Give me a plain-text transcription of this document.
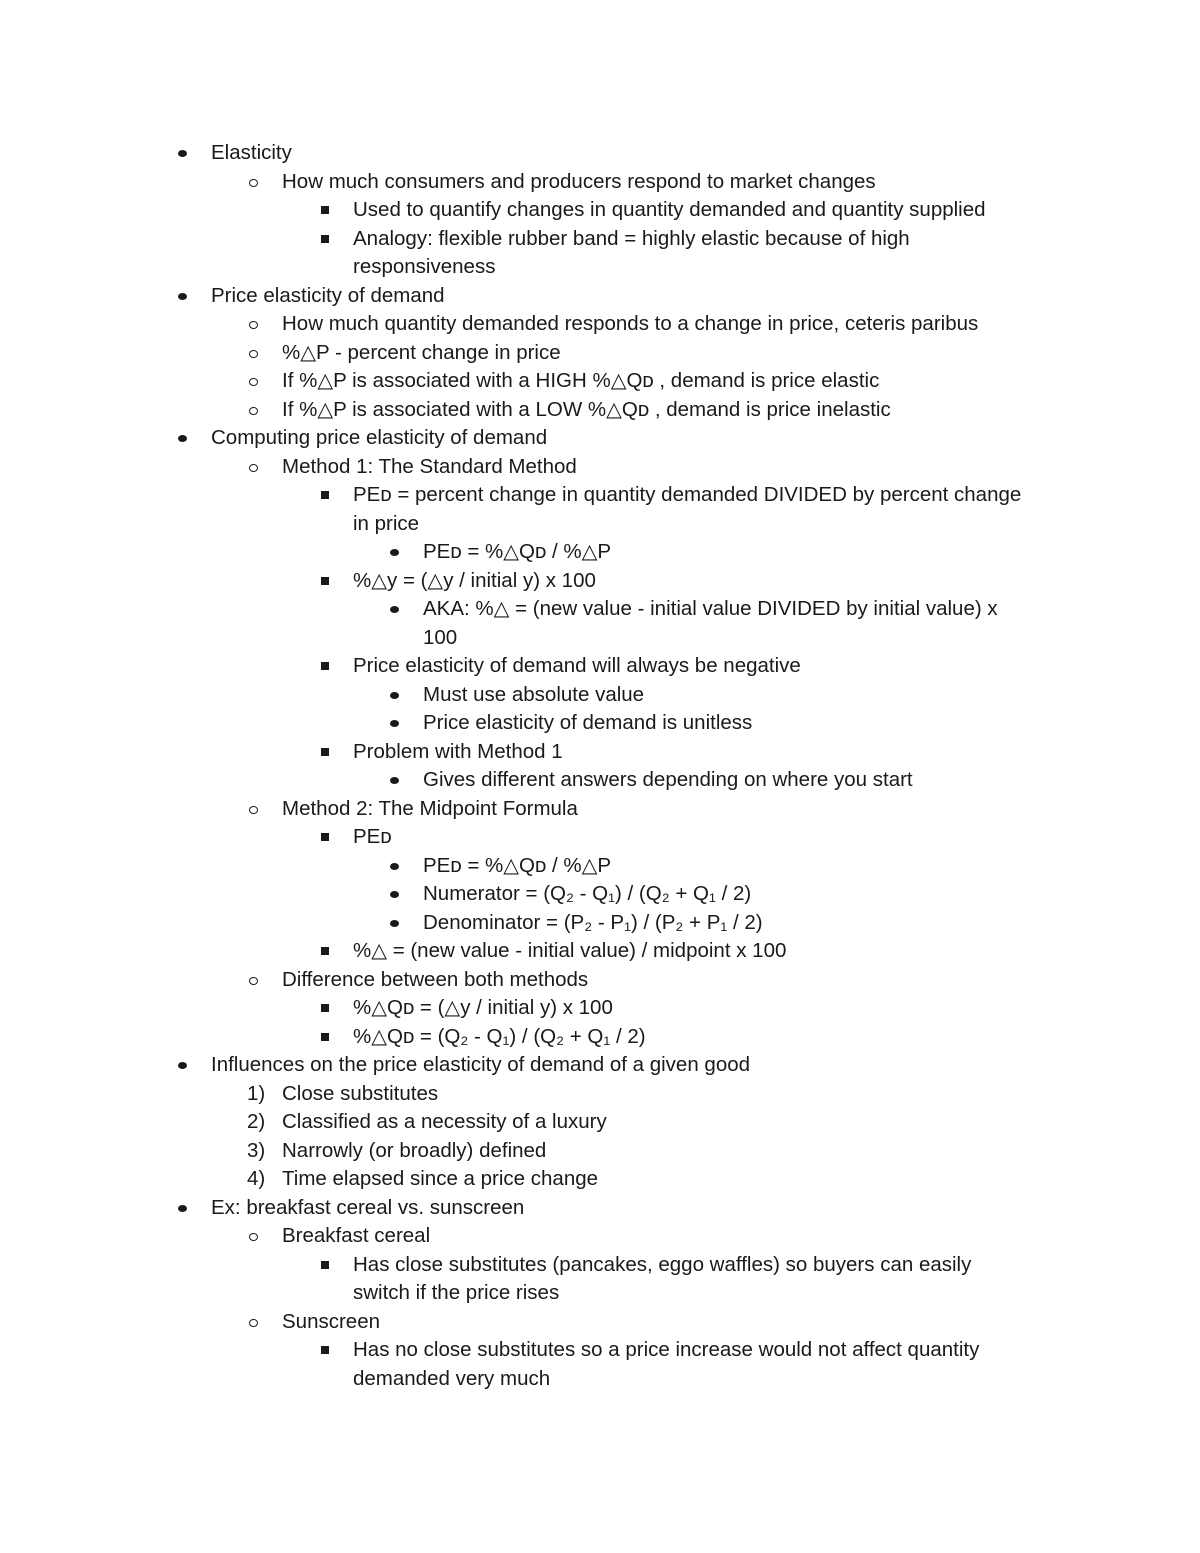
Elasticity
How much consumers and producers respond to market changes
Used to quantify changes in quantity demanded and quantity supplied
Analogy: flexible rubber band = highly elastic because of high
responsiveness
Price elasticity of demand
How much quantity demanded responds to a change in price, ceteris paribus
%△P - percent change in price
If %△P is associated with a HIGH %△Qᴅ , demand is price elastic
If %△P is associated with a LOW %△Qᴅ , demand is price inelastic
Computing price elasticity of demand
Method 1: The Standard Method
PEᴅ = percent change in quantity demanded DIVIDED by percent change
in price
PEᴅ = %△Qᴅ / %△P
%△y = (△y / initial y) x 100
AKA: %△ = (new value - initial value DIVIDED by initial value) x
100
Price elasticity of demand will always be negative
Must use absolute value
Price elasticity of demand is unitless
Problem with Method 1
Gives different answers depending on where you start
Method 2: The Midpoint Formula
PEᴅ
PEᴅ = %△Qᴅ / %△P
Numerator = (Q₂ - Q₁) / (Q₂ + Q₁ / 2)
Denominator = (P₂ - P₁) / (P₂ + P₁ / 2)
%△ = (new value - initial value) / midpoint x 100
Difference between both methods
%△Qᴅ = (△y / initial y) x 100
%△Qᴅ = (Q₂ - Q₁) / (Q₂ + Q₁ / 2)
Influences on the price elasticity of demand of a given good
1) Close substitutes
2) Classified as a necessity of a luxury
3) Narrowly (or broadly) defined
4) Time elapsed since a price change
Ex: breakfast cereal vs. sunscreen
Breakfast cereal
Has close substitutes (pancakes, eggo waffles) so buyers can easily
switch if the price rises
Sunscreen
Has no close substitutes so a price increase would not affect quantity
demanded very much
